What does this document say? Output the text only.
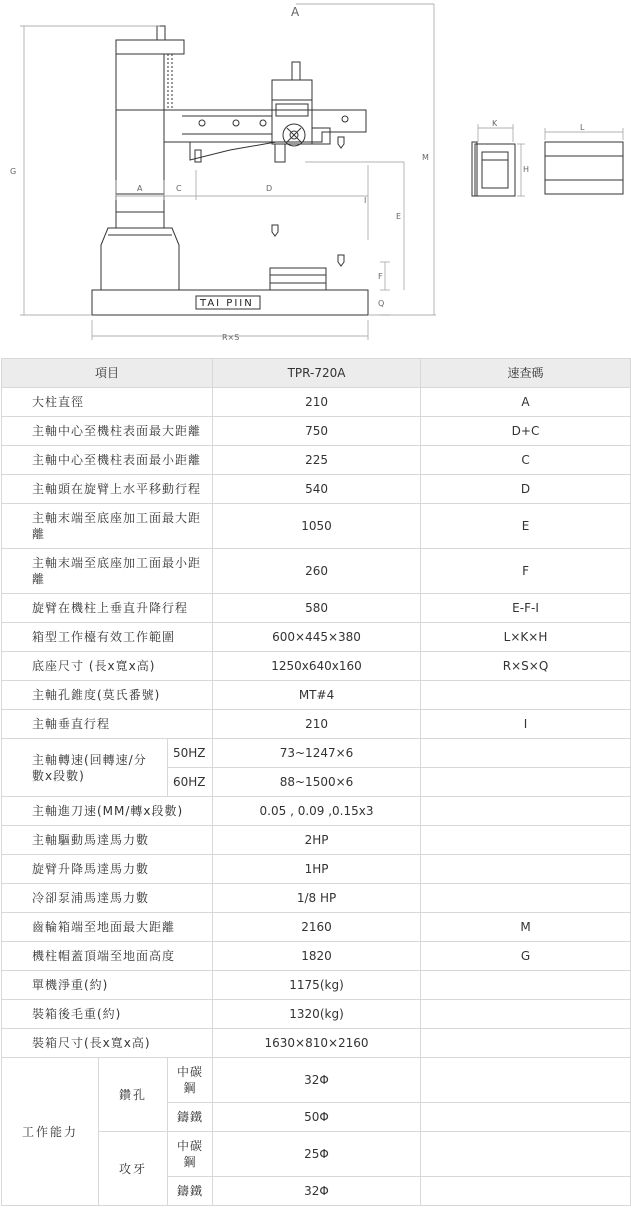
A
G
A	C	D
E
F
I
M
Q
R×S
TAI PIIN
K
H
L
項目			TPR-720A	速查碼
大柱直徑			210	A
主軸中心至機柱表面最大距離			750	D+C
主軸中心至機柱表面最小距離			225	C
主軸頭在旋臂上水平移動行程			540	D
主軸末端至底座加工面最大距離			1050	E
主軸末端至底座加工面最小距離			260	F
旋臂在機柱上垂直升降行程			580	E-F-I
箱型工作檯有效工作範圍			600×445×380	L×K×H
底座尺寸 (長x寬x高)			1250x640x160	R×S×Q
主軸孔錐度(莫氏番號)			MT#4	
主軸垂直行程			210	I
主軸轉速(回轉速/分數x段數)		50HZ	73~1247×6	
		60HZ	88~1500×6	
主軸進刀速(MM/轉x段數)			0.05 , 0.09 ,0.15x3	
主軸驅動馬達馬力數			2HP	
旋臂升降馬達馬力數			1HP	
冷卻泵浦馬達馬力數			1/8 HP	
齒輪箱端至地面最大距離			2160	M
機柱帽蓋頂端至地面高度			1820	G
單機淨重(約)			1175(kg)	
裝箱後毛重(約)			1320(kg)	
裝箱尺寸(長x寬x高)			1630×810×2160	
工作能力	鑽孔	中碳鋼	32Φ	
		鑄鐵	50Φ	
	攻牙	中碳鋼	25Φ	
		鑄鐵	32Φ	
